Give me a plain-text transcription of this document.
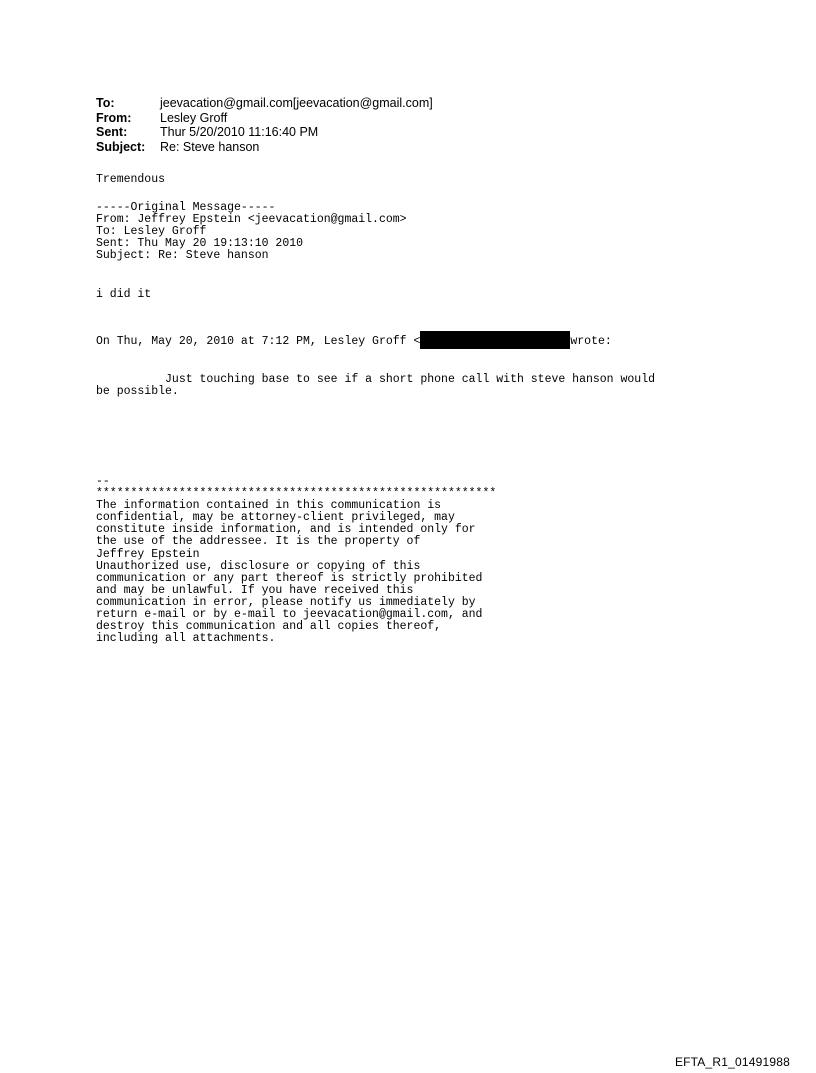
To:	jeevacation@gmail.com[jeevacation@gmail.com]
From:	Lesley Groff
Sent:	Thur 5/20/2010 11:16:40 PM
Subject:	Re: Steve hanson
Tremendous
-----Original Message-----
From: Jeffrey Epstein <jeevacation@gmail.com>
To: Lesley Groff
Sent: Thu May 20 19:13:10 2010
Subject: Re: Steve hanson
i did it
On Thu, May 20, 2010 at 7:12 PM, Lesley Groff <	wrote:
Just touching base to see if a short phone call with steve hanson would
be possible.
--
**********************************************************
The information contained in this communication is
confidential, may be attorney-client privileged, may
constitute inside information, and is intended only for
the use of the addressee. It is the property of
Jeffrey Epstein
Unauthorized use, disclosure or copying of this
communication or any part thereof is strictly prohibited
and may be unlawful. If you have received this
communication in error, please notify us immediately by
return e-mail or by e-mail to jeevacation@gmail.com, and
destroy this communication and all copies thereof,
including all attachments.
EFTA_R1_01491988
